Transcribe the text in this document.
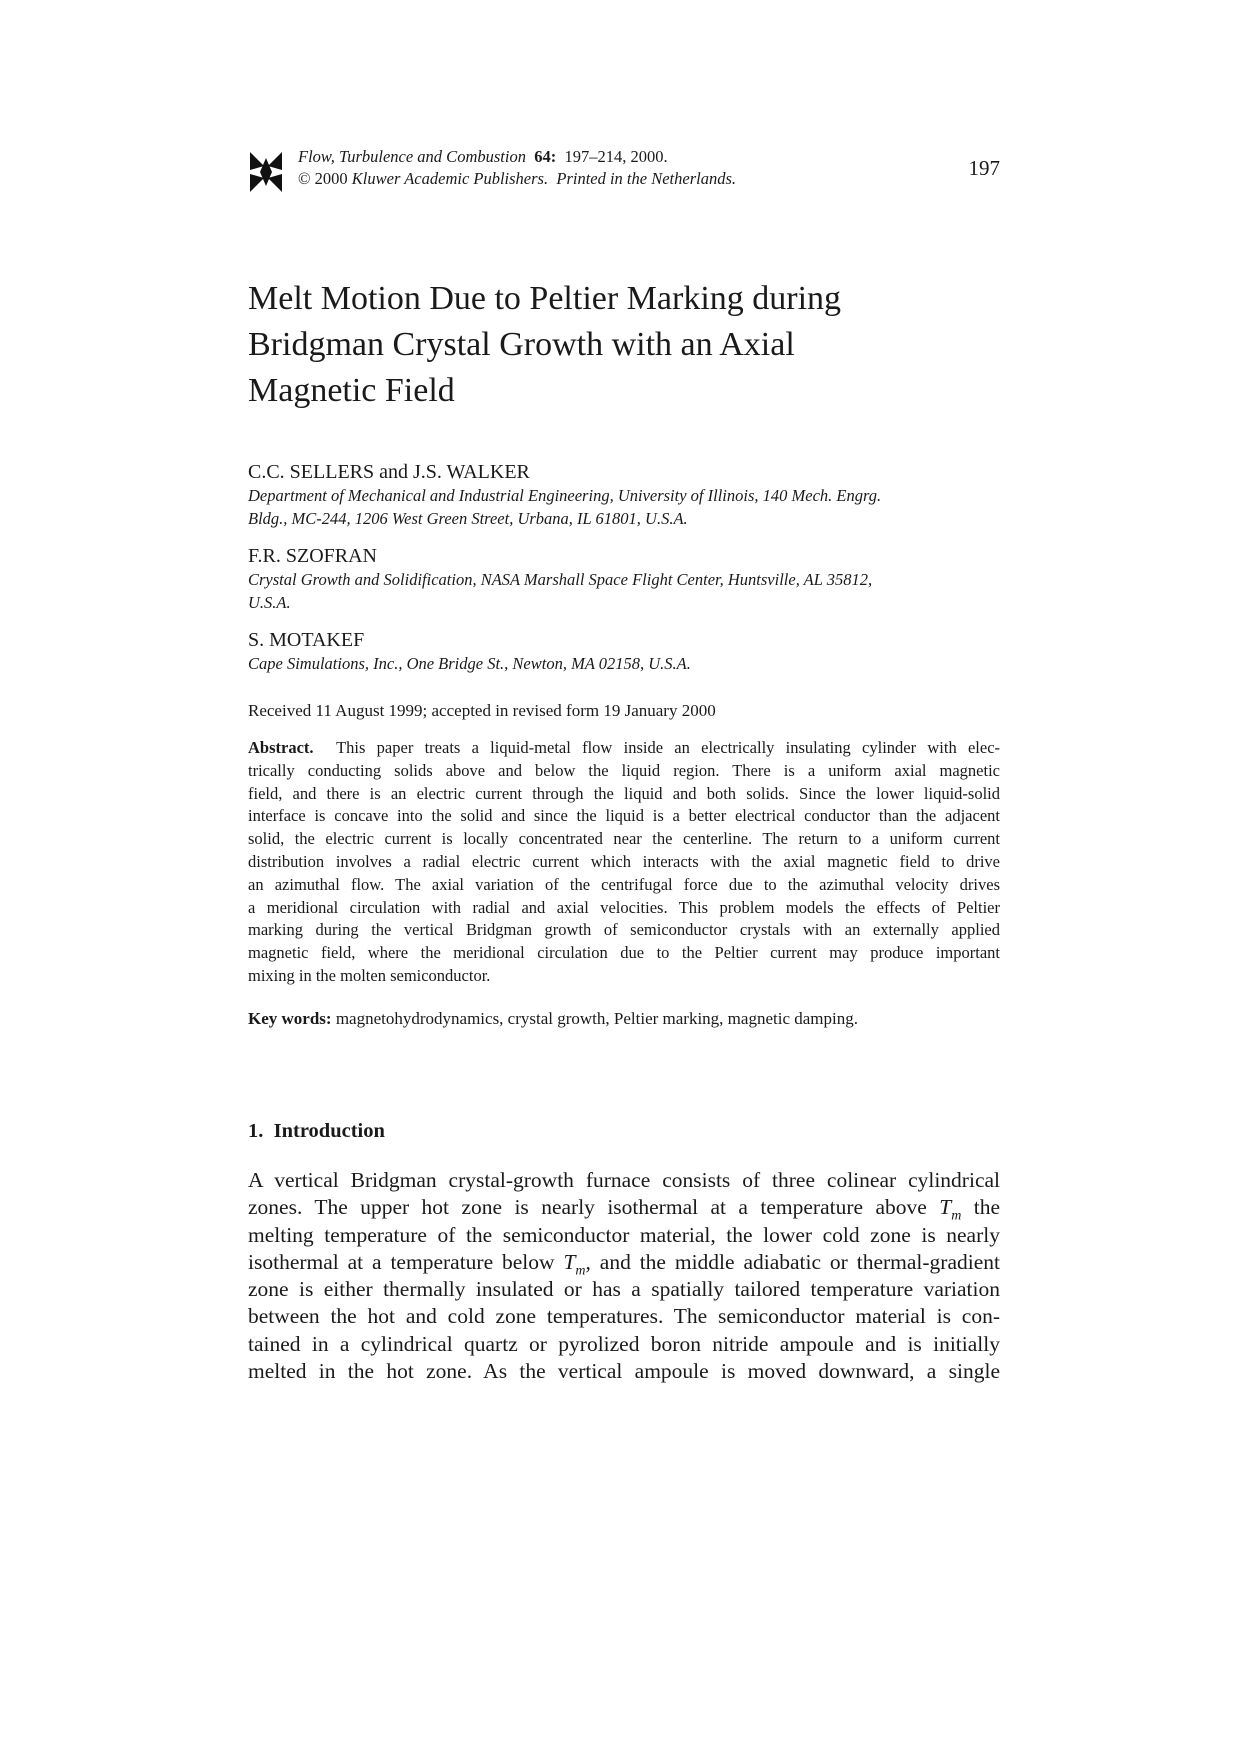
Flow, Turbulence and Combustion 64: 197–214, 2000.
© 2000 Kluwer Academic Publishers. Printed in the Netherlands.	197
Melt Motion Due to Peltier Marking during
Bridgman Crystal Growth with an Axial
Magnetic Field
C.C. SELLERS and J.S. WALKER
Department of Mechanical and Industrial Engineering, University of Illinois, 140 Mech. Engrg.
Bldg., MC-244, 1206 West Green Street, Urbana, IL 61801, U.S.A.
F.R. SZOFRAN
Crystal Growth and Solidification, NASA Marshall Space Flight Center, Huntsville, AL 35812,
U.S.A.
S. MOTAKEF
Cape Simulations, Inc., One Bridge St., Newton, MA 02158, U.S.A.
Received 11 August 1999; accepted in revised form 19 January 2000
Abstract. This paper treats a liquid-metal flow inside an electrically insulating cylinder with elec-
trically conducting solids above and below the liquid region. There is a uniform axial magnetic
field, and there is an electric current through the liquid and both solids. Since the lower liquid-solid
interface is concave into the solid and since the liquid is a better electrical conductor than the adjacent
solid, the electric current is locally concentrated near the centerline. The return to a uniform current
distribution involves a radial electric current which interacts with the axial magnetic field to drive
an azimuthal flow. The axial variation of the centrifugal force due to the azimuthal velocity drives
a meridional circulation with radial and axial velocities. This problem models the effects of Peltier
marking during the vertical Bridgman growth of semiconductor crystals with an externally applied
magnetic field, where the meridional circulation due to the Peltier current may produce important
mixing in the molten semiconductor.
Key words: magnetohydrodynamics, crystal growth, Peltier marking, magnetic damping.
1. Introduction
A vertical Bridgman crystal-growth furnace consists of three colinear cylindrical
zones. The upper hot zone is nearly isothermal at a temperature above $T_m$ the
melting temperature of the semiconductor material, the lower cold zone is nearly
isothermal at a temperature below $T_m$, and the middle adiabatic or thermal-gradient
zone is either thermally insulated or has a spatially tailored temperature variation
between the hot and cold zone temperatures. The semiconductor material is con-
tained in a cylindrical quartz or pyrolized boron nitride ampoule and is initially
melted in the hot zone. As the vertical ampoule is moved downward, a single
